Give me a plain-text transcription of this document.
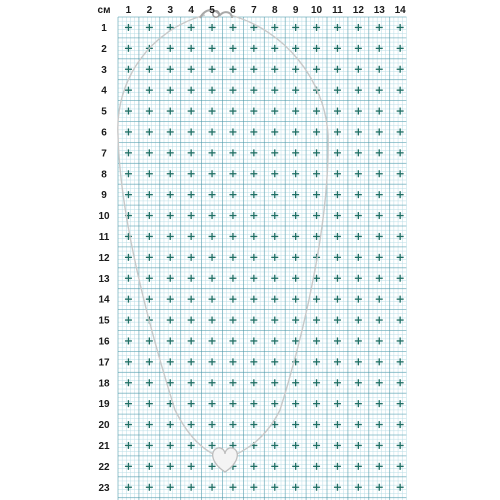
1 2 3 4 5 6 7 8 9 10 11 12 13 14
1
2
3
4
5
6
7
8
9
10
11
12
13
14
15
16
17
18
19
20
21
22
23
см
